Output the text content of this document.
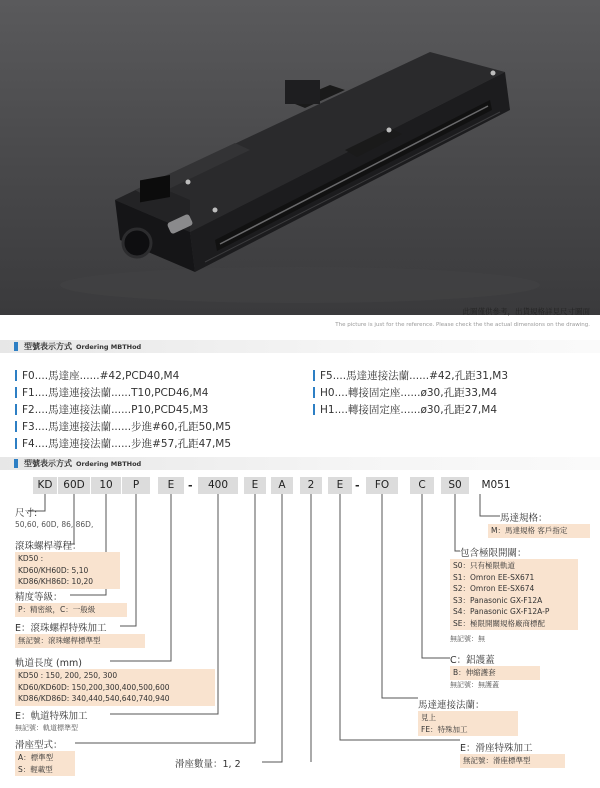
此圖僅供參考，出貨規格詳見尺寸圖面
The picture is just for the reference. Please check the the actual dimensions on the drawing.
型號表示方式 Ordering MBTHod
F0....馬達座......#42,PCD40,M4
F1....馬達連接法蘭......T10,PCD46,M4
F2....馬達連接法蘭......P10,PCD45,M3
F3....馬達連接法蘭......步進#60,孔距50,M5
F4....馬達連接法蘭......步進#57,孔距47,M5
F5....馬達連接法蘭......#42,孔距31,M3
H0....轉接固定座......ø30,孔距33,M4
H1....轉接固定座......ø30,孔距27,M4
型號表示方式 Ordering MBTHod
KD	60D	10	P	E	-	400	E	A	2	E	-	FO	C	S0	M051
尺寸:
50,60, 60D, 86, 86D,
滾珠螺桿導程：
KD50 :
KD60/KH60D: 5,10
KD86/KH86D: 10,20
精度等級：
P：精密級，C：一般級
E：滾珠螺桿特殊加工
無記號：滾珠螺桿標準型
軌道長度 (mm)
KD50 : 150, 200, 250, 300
KD60/KD60D: 150,200,300,400,500,600
KD86/KD86D: 340,440,540,640,740,940
E：軌道特殊加工
無記號：軌道標準型
滑座型式：
A：標準型
S：輕載型	滑座數量：1, 2
馬達規格：
M：馬達規格 客戶指定
包含極限開關：
S0：只有極限軌道
S1：Omron EE-SX671
S2：Omron EE-SX674
S3：Panasonic GX-F12A
S4：Panasonic GX-F12A-P
SE：極限開關規格廠商標配
無記號：無
C：鋁護蓋
B：伸縮護套
無記號：無護蓋
馬達連接法蘭：
見上
FE：特殊加工
E：滑座特殊加工
無記號：滑座標準型
